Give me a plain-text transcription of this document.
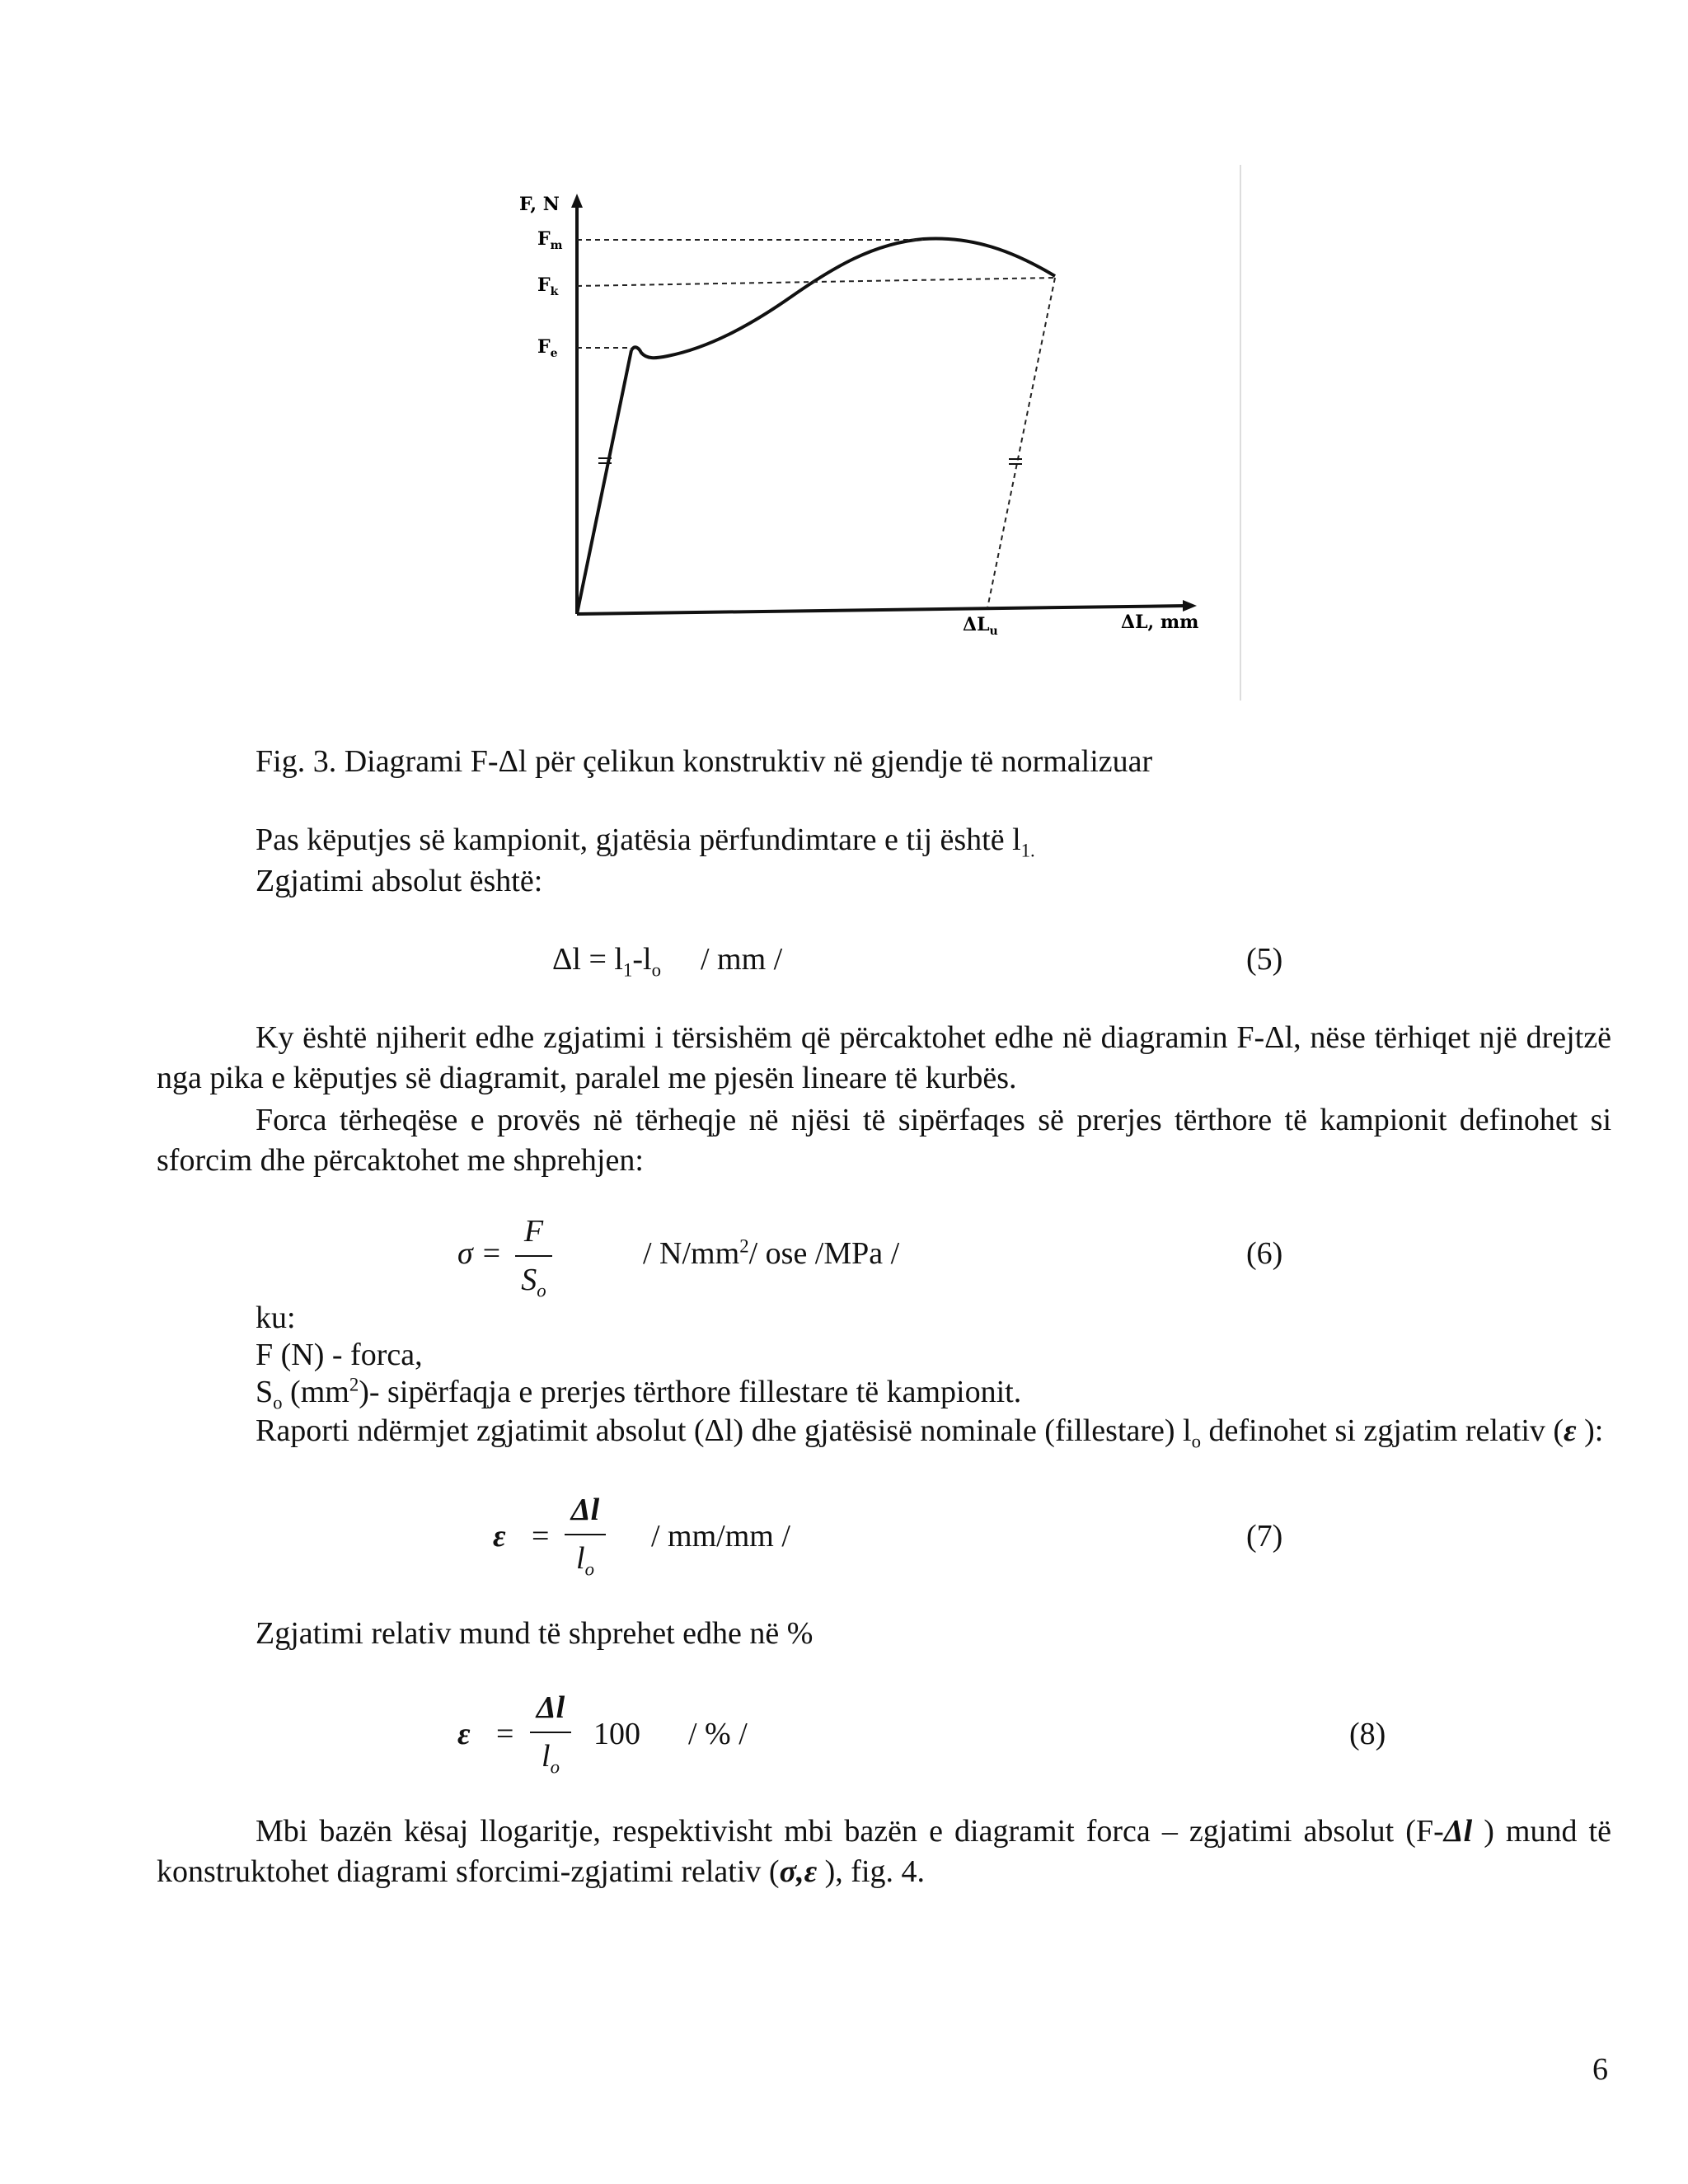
F, N
$F_m$
$F_k$
$F_e$
$\Delta L_u$	ΔL, mm
Fig. 3. Diagrami F-Δl për çelikun konstruktiv në gjendje të normalizuar
Pas këputjes së kampionit, gjatësia përfundimtare e tij është $l_{1.}$
Zgjatimi absolut është:
$\Delta l = l_1-l_o$ / mm /	(5)
Ky është njiherit edhe zgjatimi i tërsishëm që përcaktohet edhe në diagramin F-Δl, nëse tërhiqet një drejtzë nga pika e këputjes së diagramit, paralel me pjesën lineare të kurbës.
Forca tërheqëse e provës në tërheqje në njësi të sipërfaqes së prerjes tërthore të kampionit definohet si sforcim dhe përcaktohet me shprehjen:
σ =
F
$S_o$
/ $N/mm^2/$ ose /MPa /	(6)
ku:
F (N) - forca,
$S_o$ $(mm^2)-$ sipërfaqja e prerjes tërthore fillestare të kampionit.
Raporti ndërmjet zgjatimit absolut (Δl) dhe gjatësisë nominale (fillestare) $l_o$ definohet si zgjatim relativ (ε ):
ε =
Δl
$l_o$
/ mm/mm /	(7)
Zgjatimi relativ mund të shprehet edhe në %
ε =
Δl
$l_o$
100 / % /	(8)
Mbi bazën kësaj llogaritje, respektivisht mbi bazën e diagramit forca – zgjatimi absolut (F-Δl ) mund të konstruktohet diagrami sforcimi-zgjatimi relativ (σ,ε ), fig. 4.
6
